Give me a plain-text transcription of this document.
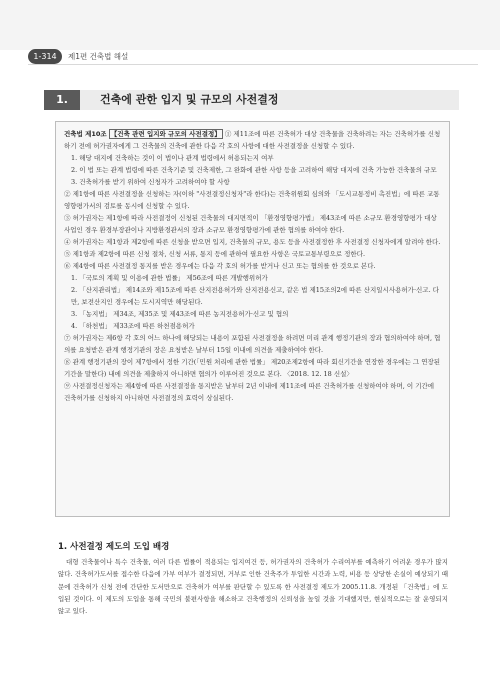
1-314	제1편 건축법 해설
1.	건축에 관한 입지 및 규모의 사전결정

건축법 제10조 【건축 관련 입지와 규모의 사전결정】 ① 제11조에 따른 건축허가 대상 건축물을 건축하려는 자는 건축허가를 신청하기 전에 허가권자에게 그 건축물의 건축에 관한 다음 각 호의 사항에 대한 사전결정을 신청할 수 있다.

1. 해당 대지에 건축하는 것이 이 법이나 관계 법령에서 허용되는지 여부

2. 이 법 또는 관계 법령에 따른 건축기준 및 건축제한, 그 완화에 관한 사항 등을 고려하여 해당 대지에 건축 가능한 건축물의 규모

3. 건축허가를 받기 위하여 신청자가 고려하여야 할 사항

② 제1항에 따른 사전결정을 신청하는 자(이하 "사전결정신청자"라 한다)는 건축위원회 심의와 「도시교통정비 촉진법」에 따른 교통영향평가서의 검토를 동시에 신청할 수 있다.

③ 허가권자는 제1항에 따라 사전결정이 신청된 건축물의 대지면적이 「환경영향평가법」 제43조에 따른 소규모 환경영향평가 대상사업인 경우 환경부장관이나 지방환경관서의 장과 소규모 환경영향평가에 관한 협의를 하여야 한다.

④ 허가권자는 제1항과 제2항에 따른 신청을 받으면 입지, 건축물의 규모, 용도 등을 사전결정한 후 사전결정 신청자에게 알려야 한다.

⑤ 제1항과 제2항에 따른 신청 절차, 신청 서류, 통지 등에 관하여 필요한 사항은 국토교통부령으로 정한다.

⑥ 제4항에 따른 사전결정 통지를 받은 경우에는 다음 각 호의 허가를 받거나 신고 또는 협의를 한 것으로 본다.

1. 「국토의 계획 및 이용에 관한 법률」 제56조에 따른 개발행위허가

2. 「산지관리법」 제14조와 제15조에 따른 산지전용허가와 산지전용신고, 같은 법 제15조의2에 따른 산지일시사용허가·신고. 다만, 보전산지인 경우에는 도시지역만 해당된다.

3. 「농지법」 제34조, 제35조 및 제43조에 따른 농지전용허가·신고 및 협의

4. 「하천법」 제33조에 따른 하천점용허가

⑦ 허가권자는 제6항 각 호의 어느 하나에 해당되는 내용이 포함된 사전결정을 하려면 미리 관계 행정기관의 장과 협의하여야 하며, 협의를 요청받은 관계 행정기관의 장은 요청받은 날부터 15일 이내에 의견을 제출하여야 한다.

⑧ 관계 행정기관의 장이 제7항에서 정한 기간(「민원 처리에 관한 법률」 제20조제2항에 따라 회신기간을 연장한 경우에는 그 연장된 기간을 말한다) 내에 의견을 제출하지 아니하면 협의가 이루어진 것으로 본다. 〈2018. 12. 18 신설〉

⑨ 사전결정신청자는 제4항에 따른 사전결정을 통지받은 날부터 2년 이내에 제11조에 따른 건축허가를 신청하여야 하며, 이 기간에 건축허가를 신청하지 아니하면 사전결정의 효력이 상실된다.

1. 사전결정 제도의 도입 배경

대형 건축물이나 특수 건축물, 여러 다른 법률이 적용되는 입지여건 등, 허가권자의 건축허가 수리여부를 예측하기 어려운 경우가 많지 않다. 건축허가도서를 접수한 다음에 가부 여부가 결정되면, 거부로 인한 건축주가 투입한 시간과 노력, 비용 등 상당한 손실이 예상되기 때문에 건축허가 신청 전에 간단한 도서만으로 건축허가 여부를 판단할 수 있도록 한 사전결정 제도가 2005.11.8. 개정된 「건축법」에 도입된 것이다. 이 제도의 도입을 통해 국민의 불편사항을 해소하고 건축행정의 신뢰성을 높일 것을 기대했지만, 현실적으로는 잘 운영되지 않고 있다.
